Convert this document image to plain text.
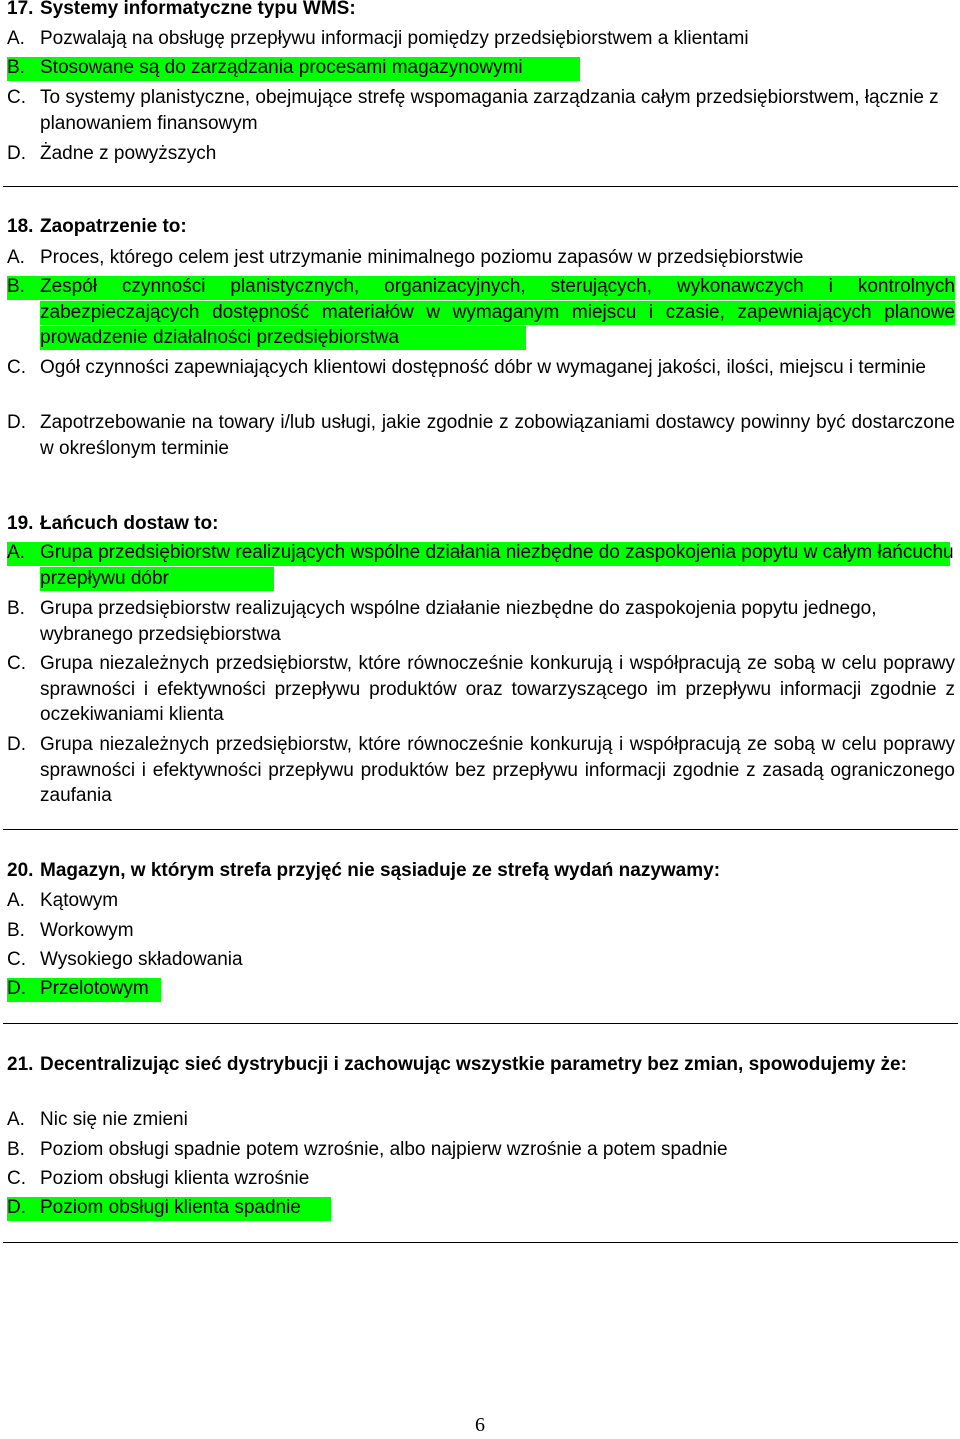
17. Systemy informatyczne typu WMS:
A. Pozwalają na obsługę przepływu informacji pomiędzy przedsiębiorstwem a klientami
B. Stosowane są do zarządzania procesami magazynowymi
C. To systemy planistyczne, obejmujące strefę wspomagania zarządzania całym przedsiębiorstwem, łącznie z planowaniem finansowym
D. Żadne z powyższych
18. Zaopatrzenie to:
A. Proces, którego celem jest utrzymanie minimalnego poziomu zapasów w przedsiębiorstwie
B. Zespół czynności planistycznych, organizacyjnych, sterujących, wykonawczych i kontrolnych zabezpieczających dostępność materiałów w wymaganym miejscu i czasie, zapewniających planowe prowadzenie działalności przedsiębiorstwa
C. Ogół czynności zapewniających klientowi dostępność dóbr w wymaganej jakości, ilości, miejscu i terminie
D. Zapotrzebowanie na towary i/lub usługi, jakie zgodnie z zobowiązaniami dostawcy powinny być dostarczone w określonym terminie
19. Łańcuch dostaw to:
A. Grupa przedsiębiorstw realizujących wspólne działania niezbędne do zaspokojenia popytu w całym łańcuchu przepływu dóbr
B. Grupa przedsiębiorstw realizujących wspólne działanie niezbędne do zaspokojenia popytu jednego, wybranego przedsiębiorstwa
C. Grupa niezależnych przedsiębiorstw, które równocześnie konkurują i współpracują ze sobą w celu poprawy sprawności i efektywności przepływu produktów oraz towarzyszącego im przepływu informacji zgodnie z oczekiwaniami klienta
D. Grupa niezależnych przedsiębiorstw, które równocześnie konkurują i współpracują ze sobą w celu poprawy sprawności i efektywności przepływu produktów bez przepływu informacji zgodnie z zasadą ograniczonego zaufania
20. Magazyn, w którym strefa przyjęć nie sąsiaduje ze strefą wydań nazywamy:
A. Kątowym
B. Workowym
C. Wysokiego składowania
D. Przelotowym
21. Decentralizując sieć dystrybucji i zachowując wszystkie parametry bez zmian, spowodujemy że:
A. Nic się nie zmieni
B. Poziom obsługi spadnie potem wzrośnie, albo najpierw wzrośnie a potem spadnie
C. Poziom obsługi klienta wzrośnie
D. Poziom obsługi klienta spadnie
6
